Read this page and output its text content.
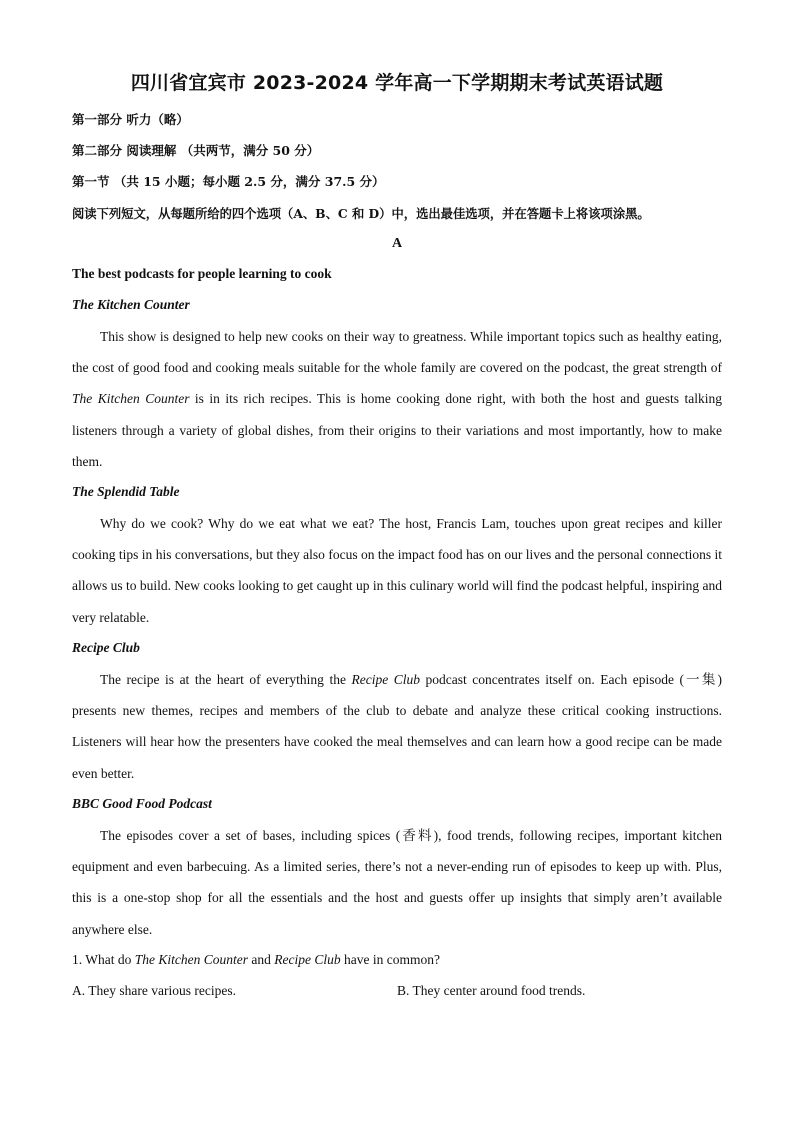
四川省宜宾市 2023-2024 学年高一下学期期末考试英语试题
第一部分 听力（略）
第二部分 阅读理解 （共两节，满分 50 分）
第一节 （共 15 小题；每小题 2.5 分，满分 37.5 分）
阅读下列短文，从每题所给的四个选项（A、B、C 和 D）中，选出最佳选项，并在答题卡上将该项涂黑。
A
The best podcasts for people learning to cook
The Kitchen Counter

This show is designed to help new cooks on their way to greatness. While important topics such as healthy eating, the cost of good food and cooking meals suitable for the whole family are covered on the podcast, the great strength of The Kitchen Counter is in its rich recipes. This is home cooking done right, with both the host and guests talking listeners through a variety of global dishes, from their origins to their variations and most importantly, how to make them.

The Splendid Table

Why do we cook? Why do we eat what we eat? The host, Francis Lam, touches upon great recipes and killer cooking tips in his conversations, but they also focus on the impact food has on our lives and the personal connections it allows us to build. New cooks looking to get caught up in this culinary world will find the podcast helpful, inspiring and very relatable.

Recipe Club

The recipe is at the heart of everything the Recipe Club podcast concentrates itself on. Each episode (一集) presents new themes, recipes and members of the club to debate and analyze these critical cooking instructions. Listeners will hear how the presenters have cooked the meal themselves and can learn how a good recipe can be made even better.

BBC Good Food Podcast

The episodes cover a set of bases, including spices (香料), food trends, following recipes, important kitchen equipment and even barbecuing. As a limited series, there’s not a never-ending run of episodes to keep up with. Plus, this is a one-stop shop for all the essentials and the host and guests offer up insights that simply aren’t available anywhere else.

1. What do The Kitchen Counter and Recipe Club have in common?
A. They share various recipes.	B. They center around food trends.
